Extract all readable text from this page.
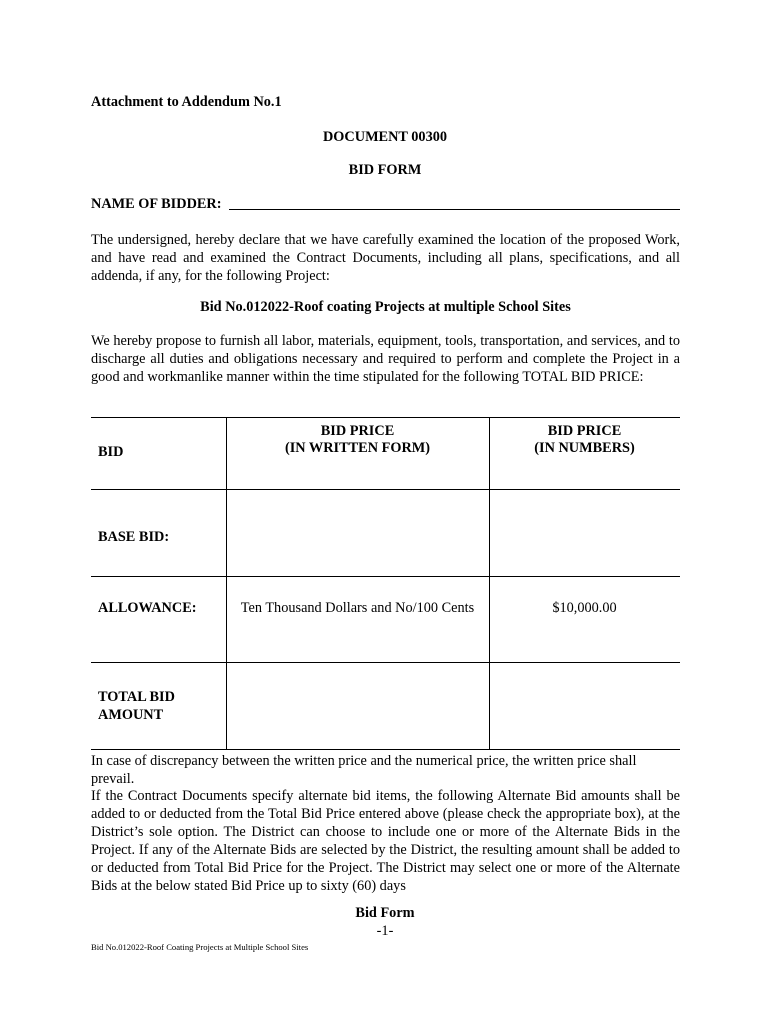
Attachment to Addendum No.1
DOCUMENT 00300
BID FORM
NAME OF BIDDER:
The undersigned, hereby declare that we have carefully examined the location of the proposed Work, and have read and examined the Contract Documents, including all plans, specifications, and all addenda, if any, for the following Project:
Bid No.012022-Roof coating Projects at multiple School Sites
We hereby propose to furnish all labor, materials, equipment, tools, transportation, and services, and to discharge all duties and obligations necessary and required to perform and complete the Project in a good and workmanlike manner within the time stipulated for the following TOTAL BID PRICE:
BID
BID PRICE
(IN WRITTEN FORM)
BID PRICE
(IN NUMBERS)
BASE BID:
ALLOWANCE:	Ten Thousand Dollars and No/100 Cents	$10,000.00
TOTAL BID
AMOUNT
In case of discrepancy between the written price and the numerical price, the written price shall prevail.
If the Contract Documents specify alternate bid items, the following Alternate Bid amounts shall be added to or deducted from the Total Bid Price entered above (please check the appropriate box), at the District’s sole option. The District can choose to include one or more of the Alternate Bids in the Project. If any of the Alternate Bids are selected by the District, the resulting amount shall be added to or deducted from Total Bid Price for the Project. The District may select one or more of the Alternate Bids at the below stated Bid Price up to sixty (60) days
Bid Form
-1-
Bid No.012022-Roof Coating Projects at Multiple School Sites
